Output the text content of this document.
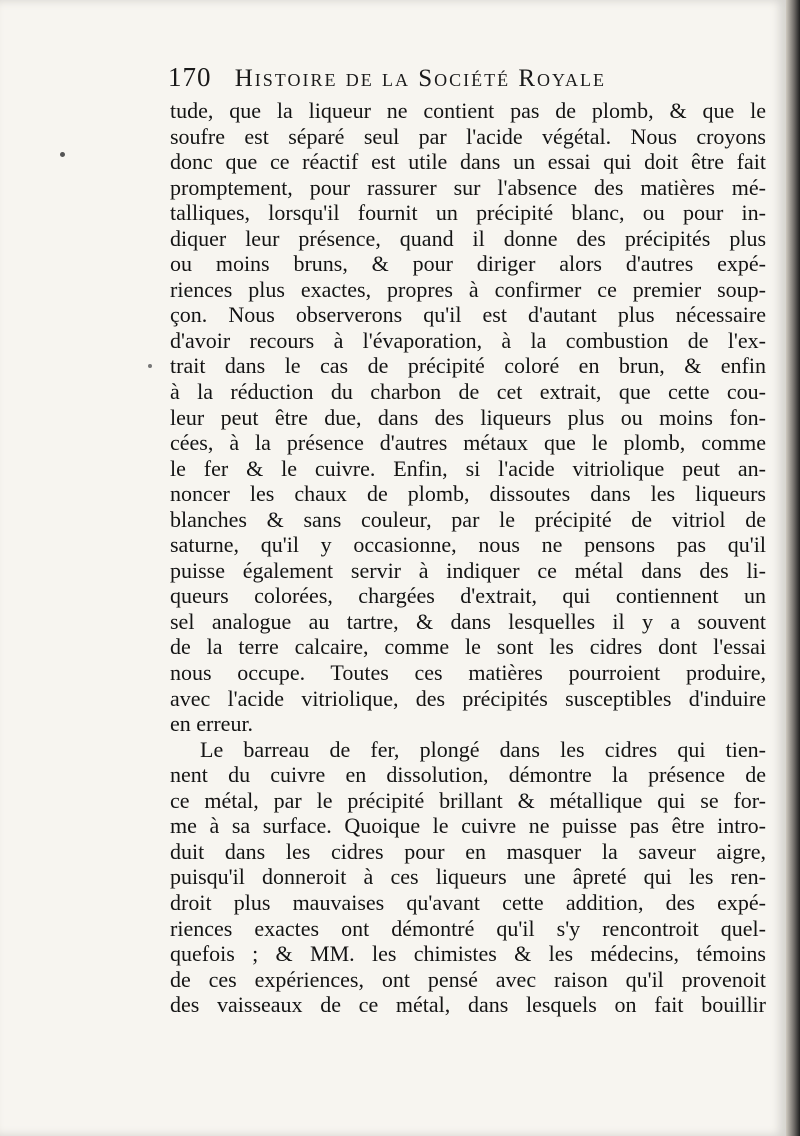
170 Histoire de la Société Royale
tude, que la liqueur ne contient pas de plomb, & que le
soufre est séparé seul par l'acide végétal. Nous croyons
donc que ce réactif est utile dans un essai qui doit être fait
promptement, pour rassurer sur l'absence des matières mé-
talliques, lorsqu'il fournit un précipité blanc, ou pour in-
diquer leur présence, quand il donne des précipités plus
ou moins bruns, & pour diriger alors d'autres expé-
riences plus exactes, propres à confirmer ce premier soup-
çon. Nous observerons qu'il est d'autant plus nécessaire
d'avoir recours à l'évaporation, à la combustion de l'ex-
trait dans le cas de précipité coloré en brun, & enfin
à la réduction du charbon de cet extrait, que cette cou-
leur peut être due, dans des liqueurs plus ou moins fon-
cées, à la présence d'autres métaux que le plomb, comme
le fer & le cuivre. Enfin, si l'acide vitriolique peut an-
noncer les chaux de plomb, dissoutes dans les liqueurs
blanches & sans couleur, par le précipité de vitriol de
saturne, qu'il y occasionne, nous ne pensons pas qu'il
puisse également servir à indiquer ce métal dans des li-
queurs colorées, chargées d'extrait, qui contiennent un
sel analogue au tartre, & dans lesquelles il y a souvent
de la terre calcaire, comme le sont les cidres dont l'essai
nous occupe. Toutes ces matières pourroient produire,
avec l'acide vitriolique, des précipités susceptibles d'induire
en erreur.
Le barreau de fer, plongé dans les cidres qui tien-
nent du cuivre en dissolution, démontre la présence de
ce métal, par le précipité brillant & métallique qui se for-
me à sa surface. Quoique le cuivre ne puisse pas être intro-
duit dans les cidres pour en masquer la saveur aigre,
puisqu'il donneroit à ces liqueurs une âpreté qui les ren-
droit plus mauvaises qu'avant cette addition, des expé-
riences exactes ont démontré qu'il s'y rencontroit quel-
quefois ; & MM. les chimistes & les médecins, témoins
de ces expériences, ont pensé avec raison qu'il provenoit
des vaisseaux de ce métal, dans lesquels on fait bouillir
